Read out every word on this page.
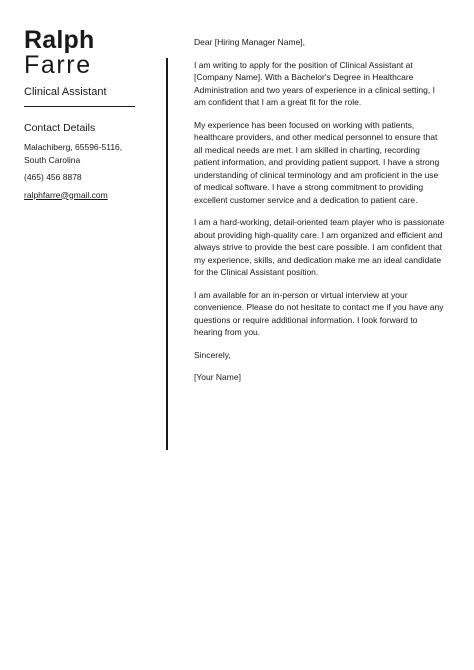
Ralph
Farre
Clinical Assistant
Contact Details
Malachiberg, 65596-5116,
South Carolina
(465) 456 8878
ralphfarre@gmail.com

Dear [Hiring Manager Name],

I am writing to apply for the position of Clinical Assistant at [Company Name]. With a Bachelor's Degree in Healthcare Administration and two years of experience in a clinical setting, I am confident that I am a great fit for the role.

My experience has been focused on working with patients, healthcare providers, and other medical personnel to ensure that all medical needs are met. I am skilled in charting, recording patient information, and providing patient support. I have a strong understanding of clinical terminology and am proficient in the use of medical software. I have a strong commitment to providing excellent customer service and a dedication to patient care.

I am a hard-working, detail-oriented team player who is passionate about providing high-quality care. I am organized and efficient and always strive to provide the best care possible. I am confident that my experience, skills, and dedication make me an ideal candidate for the Clinical Assistant position.

I am available for an in-person or virtual interview at your convenience. Please do not hesitate to contact me if you have any questions or require additional information. I look forward to hearing from you.

Sincerely,

[Your Name]
